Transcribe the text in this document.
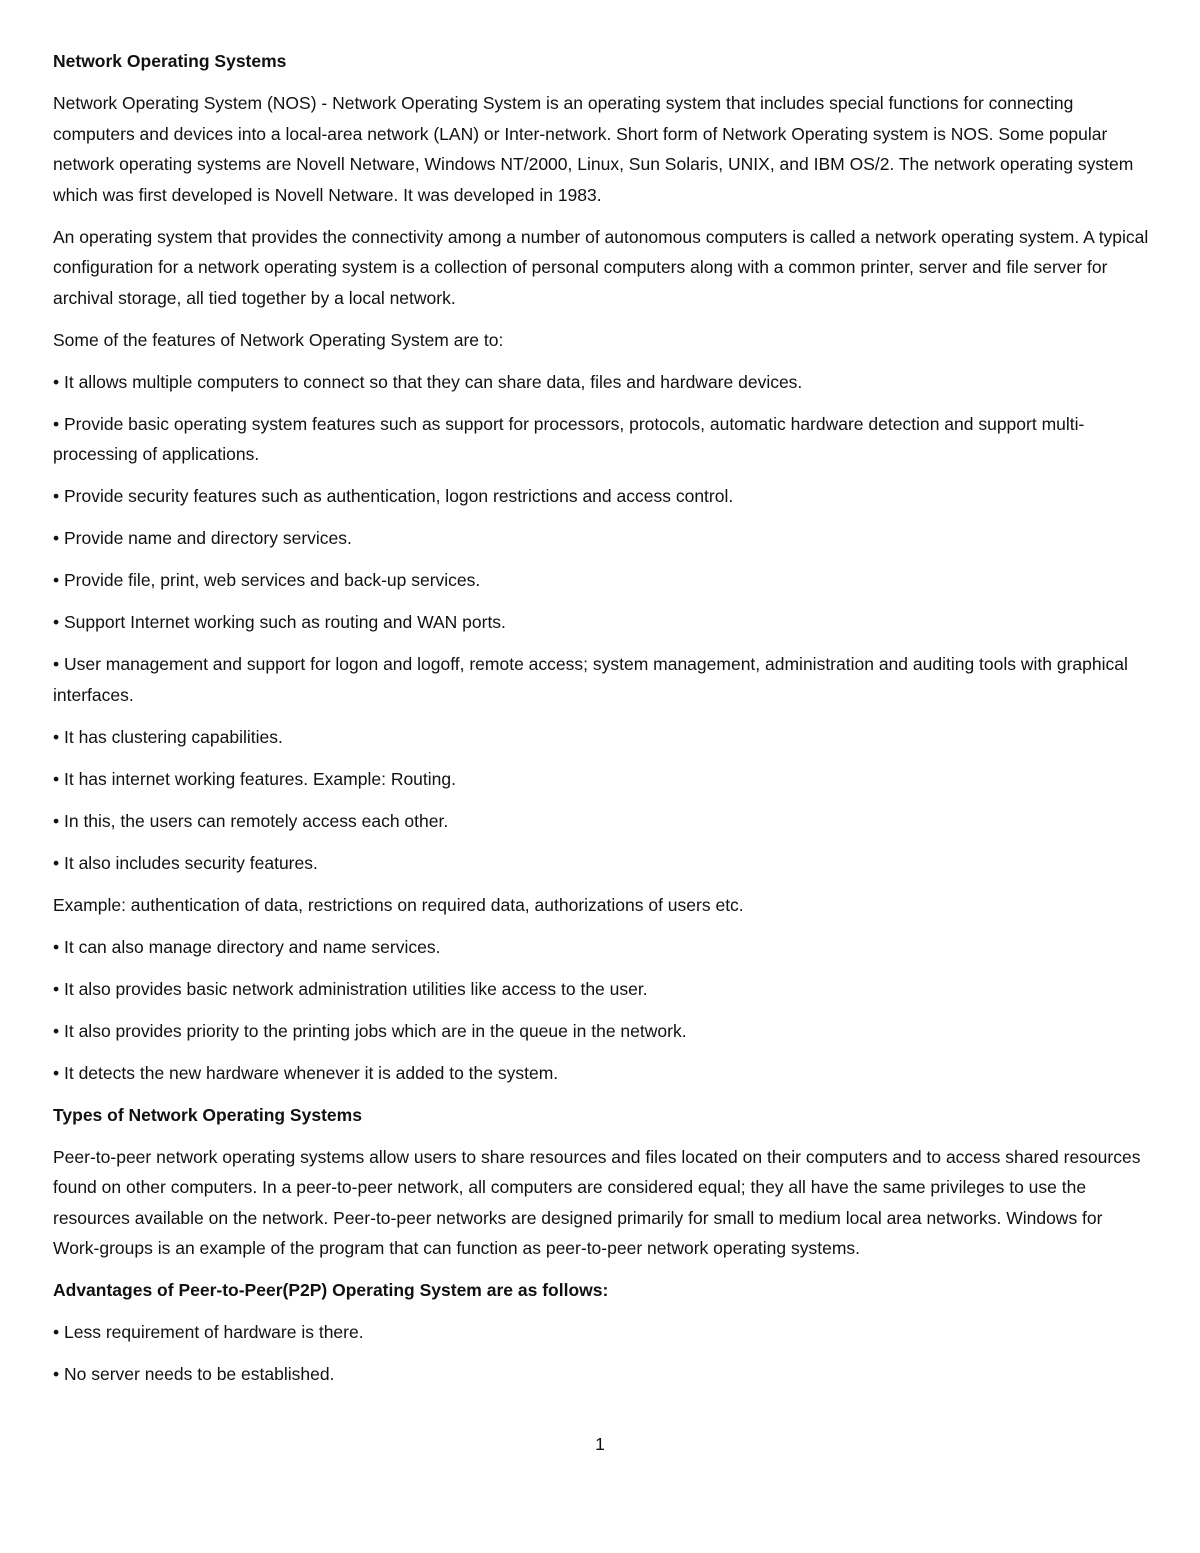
Network Operating Systems

Network Operating System (NOS) - Network Operating System is an operating system that includes special functions for connecting computers and devices into a local-area network (LAN) or Inter-network. Short form of Network Operating system is NOS. Some popular network operating systems are Novell Netware, Windows NT/2000, Linux, Sun Solaris, UNIX, and IBM OS/2. The network operating system which was first developed is Novell Netware. It was developed in 1983.

An operating system that provides the connectivity among a number of autonomous computers is called a network operating system. A typical configuration for a network operating system is a collection of personal computers along with a common printer, server and file server for archival storage, all tied together by a local network.

Some of the features of Network Operating System are to:

• It allows multiple computers to connect so that they can share data, files and hardware devices.

• Provide basic operating system features such as support for processors, protocols, automatic hardware detection and support multi-processing of applications.

• Provide security features such as authentication, logon restrictions and access control.

• Provide name and directory services.

• Provide file, print, web services and back-up services.

• Support Internet working such as routing and WAN ports.

• User management and support for logon and logoff, remote access; system management, administration and auditing tools with graphical interfaces.

• It has clustering capabilities.

• It has internet working features. Example: Routing.

• In this, the users can remotely access each other.

• It also includes security features.

Example: authentication of data, restrictions on required data, authorizations of users etc.

• It can also manage directory and name services.

• It also provides basic network administration utilities like access to the user.

• It also provides priority to the printing jobs which are in the queue in the network.

• It detects the new hardware whenever it is added to the system.

Types of Network Operating Systems

Peer-to-peer network operating systems allow users to share resources and files located on their computers and to access shared resources found on other computers. In a peer-to-peer network, all computers are considered equal; they all have the same privileges to use the resources available on the network. Peer-to-peer networks are designed primarily for small to medium local area networks. Windows for Work-groups is an example of the program that can function as peer-to-peer network operating systems.

Advantages of Peer-to-Peer(P2P) Operating System are as follows:

• Less requirement of hardware is there.

• No server needs to be established.

1
